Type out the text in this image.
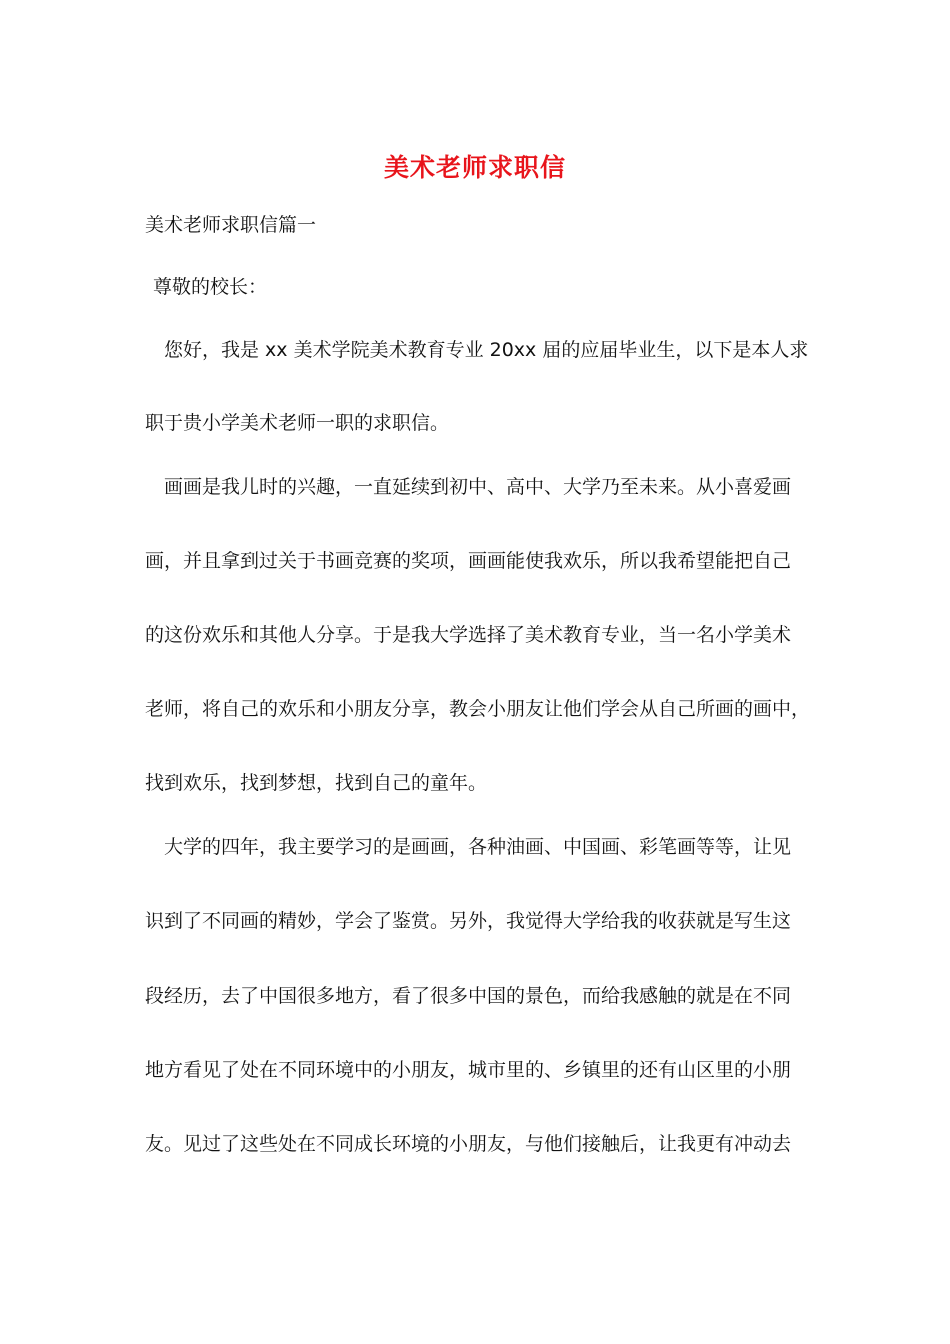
美术老师求职信
美术老师求职信篇一
尊敬的校长：
您好，我是 xx 美术学院美术教育专业 20xx 届的应届毕业生，以下是本人求
职于贵小学美术老师一职的求职信。
画画是我儿时的兴趣，一直延续到初中、高中、大学乃至未来。从小喜爱画
画，并且拿到过关于书画竞赛的奖项，画画能使我欢乐，所以我希望能把自己
的这份欢乐和其他人分享。于是我大学选择了美术教育专业，当一名小学美术
老师，将自己的欢乐和小朋友分享，教会小朋友让他们学会从自己所画的画中，
找到欢乐，找到梦想，找到自己的童年。
大学的四年，我主要学习的是画画，各种油画、中国画、彩笔画等等，让见
识到了不同画的精妙，学会了鉴赏。另外，我觉得大学给我的收获就是写生这
段经历，去了中国很多地方，看了很多中国的景色，而给我感触的就是在不同
地方看见了处在不同环境中的小朋友，城市里的、乡镇里的还有山区里的小朋
友。见过了这些处在不同成长环境的小朋友，与他们接触后，让我更有冲动去
